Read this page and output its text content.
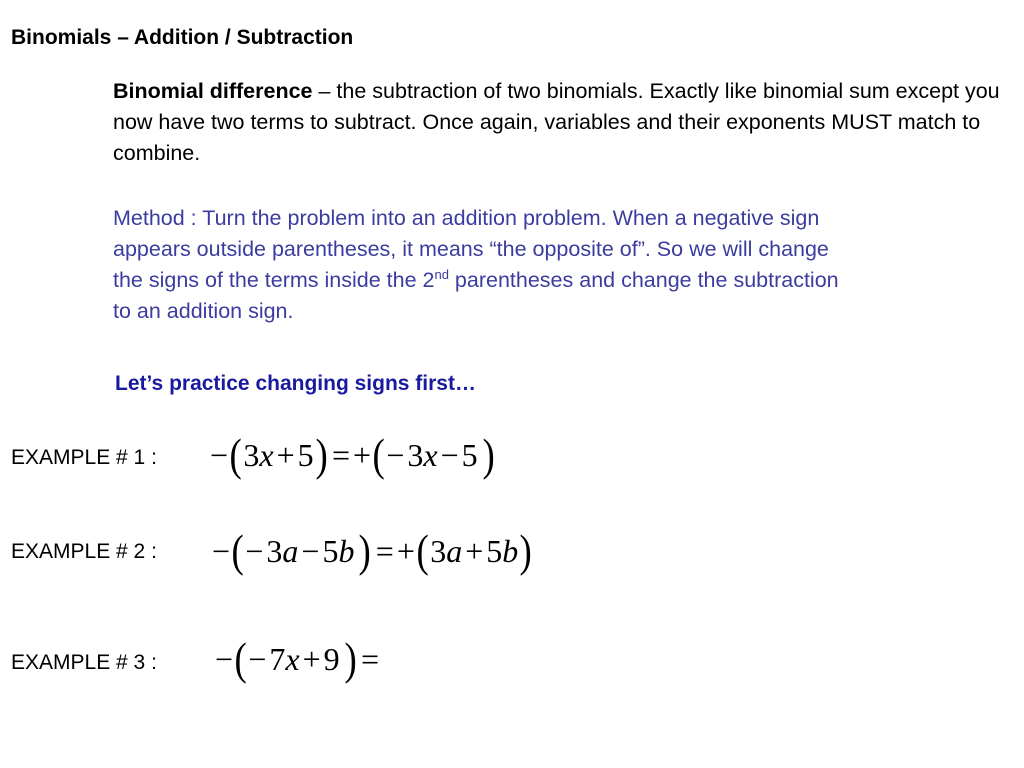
Binomials – Addition / Subtraction
Binomial difference – the subtraction of two binomials. Exactly like binomial sum except you now have two terms to subtract. Once again, variables and their exponents MUST match to combine.
Method : Turn the problem into an addition problem. When a negative sign appears outside parentheses, it means “the opposite of”. So we will change the signs of the terms inside the 2nd parentheses and change the subtraction to an addition sign.
Let’s practice changing signs first…
EXAMPLE # 1 : − ( 3x + 5 ) = + ( − 3x − 5 )
EXAMPLE # 2 : − ( − 3a − 5b ) = + ( 3a + 5b )
EXAMPLE # 3 : − ( − 7x + 9 ) =
